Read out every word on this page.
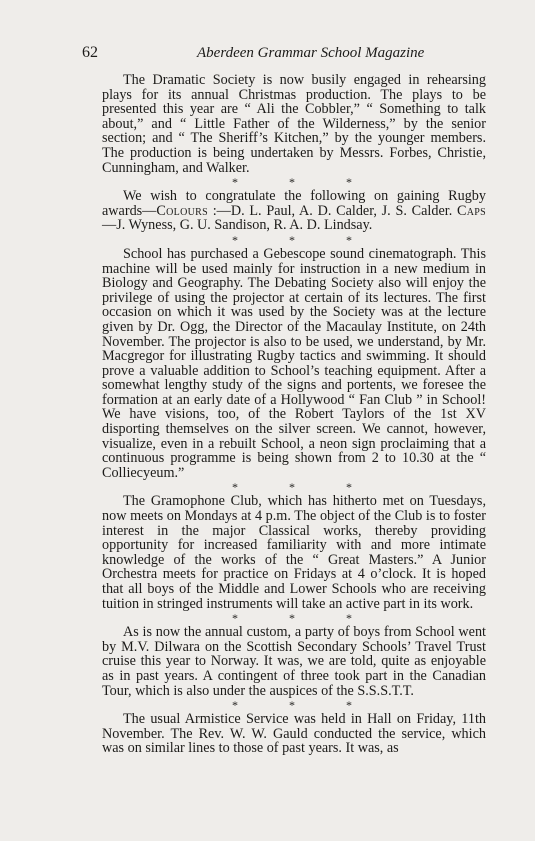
62	Aberdeen Grammar School Magazine

The Dramatic Society is now busily engaged in rehearsing plays for its annual Christmas production. The plays to be presented this year are “ Ali the Cobbler,” “ Something to talk about,” and “ Little Father of the Wilderness,” by the senior section; and “ The Sheriff’s Kitchen,” by the younger members. The production is being undertaken by Messrs. Forbes, Christie, Cunningham, and Walker.

* * *

We wish to congratulate the following on gaining Rugby awards—Colours :—D. L. Paul, A. D. Calder, J. S. Calder. Caps—J. Wyness, G. U. Sandison, R. A. D. Lindsay.

* * *

School has purchased a Gebescope sound cinematograph. This machine will be used mainly for instruction in a new medium in Biology and Geography. The Debating Society also will enjoy the privilege of using the projector at certain of its lectures. The first occasion on which it was used by the Society was at the lecture given by Dr. Ogg, the Director of the Macaulay Institute, on 24th November. The projector is also to be used, we understand, by Mr. Macgregor for illustrating Rugby tactics and swimming. It should prove a valuable addition to School’s teaching equipment. After a somewhat lengthy study of the signs and portents, we foresee the formation at an early date of a Hollywood “ Fan Club ” in School! We have visions, too, of the Robert Taylors of the 1st XV disporting themselves on the silver screen. We cannot, however, visualize, even in a rebuilt School, a neon sign proclaiming that a continuous programme is being shown from 2 to 10.30 at the “ Colliecyeum.”

* * *

The Gramophone Club, which has hitherto met on Tuesdays, now meets on Mondays at 4 p.m. The object of the Club is to foster interest in the major Classical works, thereby providing opportunity for increased familiarity with and more intimate knowledge of the works of the “ Great Masters.” A Junior Orchestra meets for practice on Fridays at 4 o’clock. It is hoped that all boys of the Middle and Lower Schools who are receiving tuition in stringed instruments will take an active part in its work.

* * *

As is now the annual custom, a party of boys from School went by M.V. Dilwara on the Scottish Secondary Schools’ Travel Trust cruise this year to Norway. It was, we are told, quite as enjoyable as in past years. A contingent of three took part in the Canadian Tour, which is also under the auspices of the S.S.S.T.T.

* * *

The usual Armistice Service was held in Hall on Friday, 11th November. The Rev. W. W. Gauld conducted the service, which was on similar lines to those of past years. It was, as
